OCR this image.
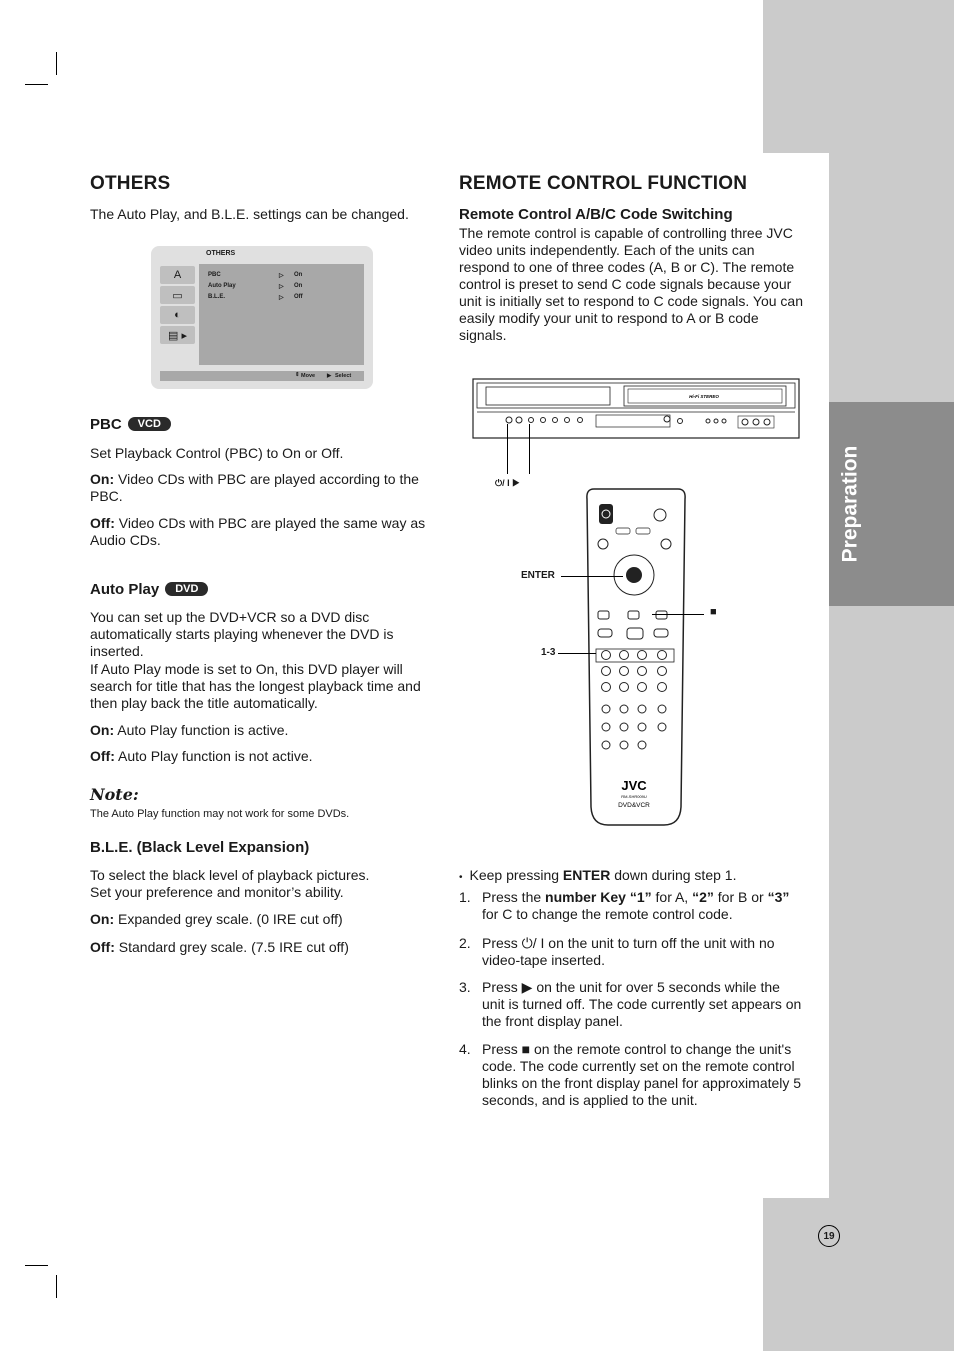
Preparation
19
OTHERS

The Auto Play, and B.L.E. settings can be changed.

OTHERS
A
▭
◐
▤ ▸
PBC	▷ On
Auto Play	▷ On
B.L.E.	▷ Off
⇕ Move ▶ Select
PBC VCD

Set Playback Control (PBC) to On or Off.

On: Video CDs with PBC are played according to the PBC.

Off: Video CDs with PBC are played the same way as Audio CDs.

Auto Play DVD

You can set up the DVD+VCR so a DVD disc automatically starts playing whenever the DVD is inserted.

If Auto Play mode is set to On, this DVD player will search for title that has the longest playback time and then play back the title automatically.

On: Auto Play function is active.

Off: Auto Play function is not active.

Note:

The Auto Play function may not work for some DVDs.

B.L.E. (Black Level Expansion)

To select the black level of playback pictures.

Set your preference and monitor’s ability.

On: Expanded grey scale. (0 IRE cut off)

Off: Standard grey scale. (7.5 IRE cut off)

REMOTE CONTROL FUNCTION
Remote Control A/B/C Code Switching

The remote control is capable of controlling three JVC video units independently. Each of the units can respond to one of three codes (A, B or C). The remote control is preset to send C code signals because your unit is initially set to respond to C code signals. You can easily modify your unit to respond to A or B code signals.

Hi-Fi STEREO
⏻/ I ▶
JVC
RM-SHR009U
DVD&VCR
ENTER
1-3
■

• Keep pressing ENTER down during step 1.

1. Press the number Key “1” for A, “2” for B or “3” for C to change the remote control code.
2. Press ⏻/ I on the unit to turn off the unit with no video-tape inserted.
3. Press ▶ on the unit for over 5 seconds while the unit is turned off. The code currently set appears on the front display panel.
4. Press ■ on the remote control to change the unit's code. The code currently set on the remote control blinks on the front display panel for approximately 5 seconds, and is applied to the unit.
